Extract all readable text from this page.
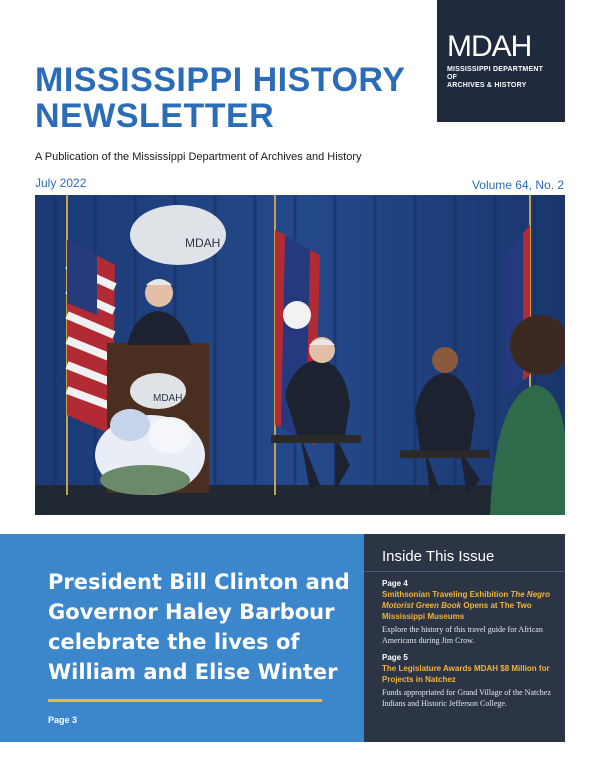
MISSISSIPPI HISTORY
NEWSLETTER
MDAH
MISSISSIPPI DEPARTMENT OF
ARCHIVES & HISTORY
A Publication of the Mississippi Department of Archives and History
July 2022	Volume 64, No. 2
MDAH
MDAH
President Bill Clinton and Governor Haley Barbour celebrate the lives of William and Elise Winter
Page 3
Inside This Issue
Page 4
Smithsonian Traveling Exhibition The Negro Motorist Green Book Opens at The Two Mississippi Museums
Explore the history of this travel guide for African Americans during Jim Crow.
Page 5
The Legislature Awards MDAH $8 Million for Projects in Natchez
Funds appropriated for Grand Village of the Natchez Indians and Historic Jefferson College.
